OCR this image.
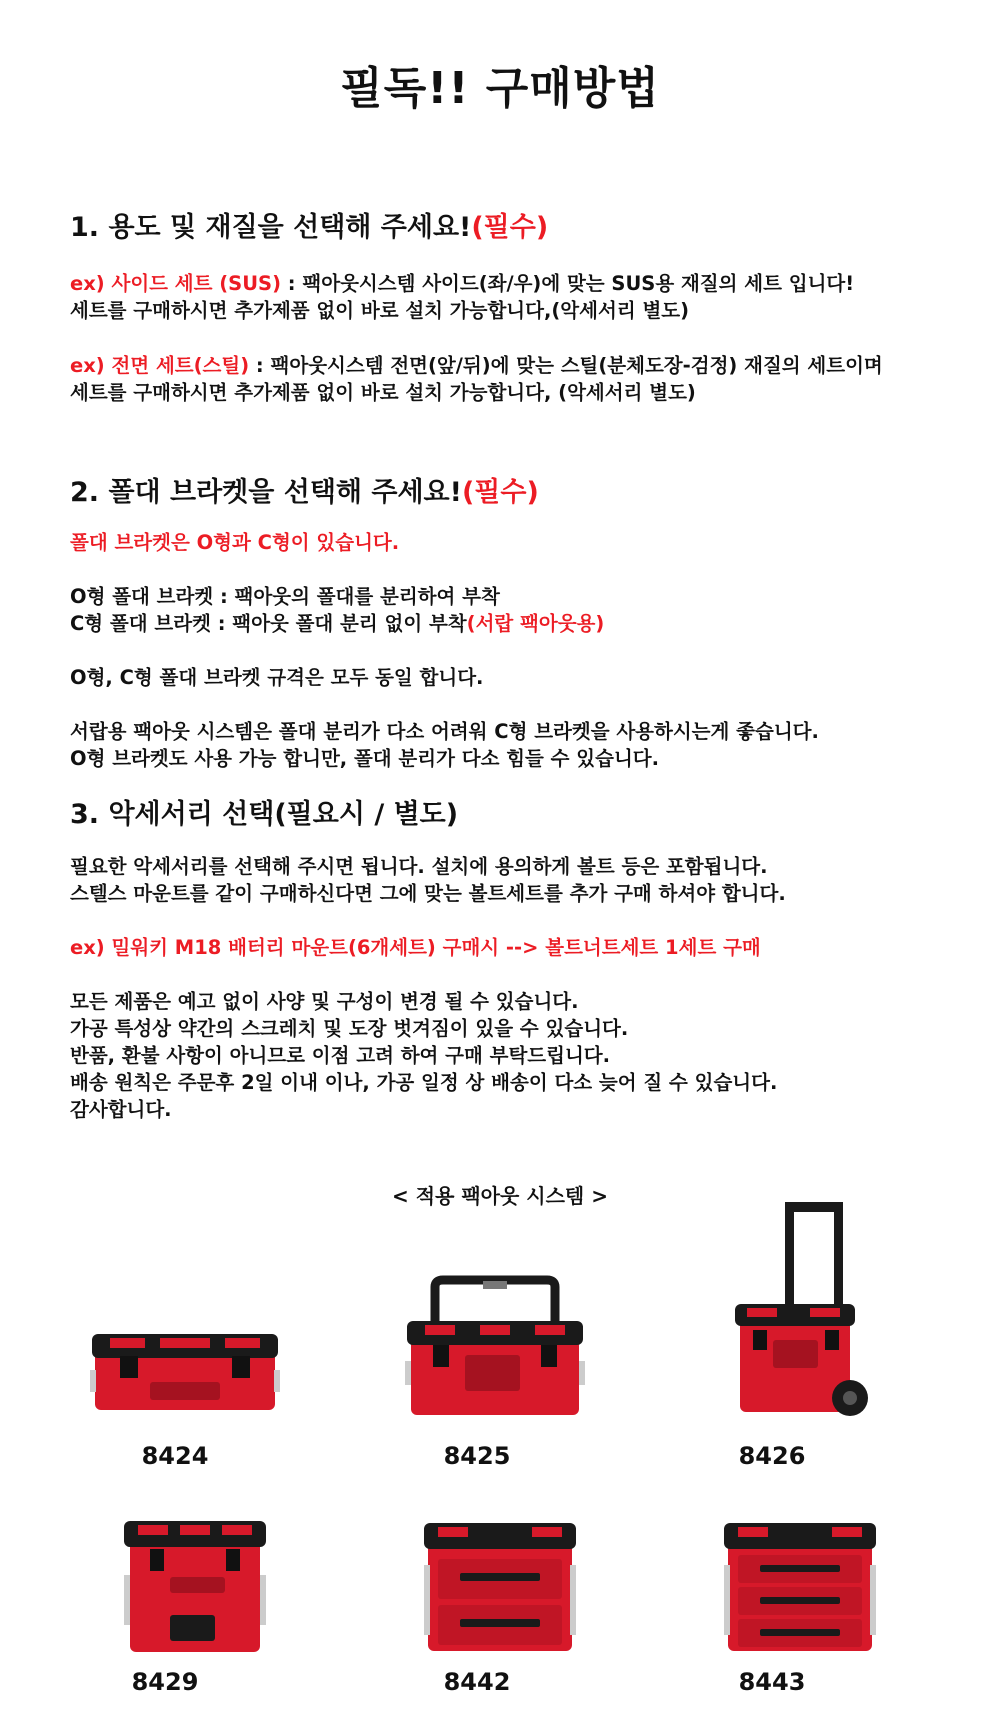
필독!! 구매방법

1. 용도 및 재질을 선택해 주세요!(필수)

ex) 사이드 세트 (SUS) : 팩아웃시스템 사이드(좌/우)에 맞는 SUS용 재질의 세트 입니다!

세트를 구매하시면 추가제품 없이 바로 설치 가능합니다,(악세서리 별도)

ex) 전면 세트(스틸) : 팩아웃시스템 전면(앞/뒤)에 맞는 스틸(분체도장-검정) 재질의 세트이며

세트를 구매하시면 추가제품 없이 바로 설치 가능합니다, (악세서리 별도)

2. 폴대 브라켓을 선택해 주세요!(필수)

폴대 브라켓은 O형과 C형이 있습니다.

O형 폴대 브라켓 : 팩아웃의 폴대를 분리하여 부착

C형 폴대 브라켓 : 팩아웃 폴대 분리 없이 부착(서랍 팩아웃용)

O형, C형 폴대 브라켓 규격은 모두 동일 합니다.

서랍용 팩아웃 시스템은 폴대 분리가 다소 어려워 C형 브라켓을 사용하시는게 좋습니다.

O형 브라켓도 사용 가능 합니만, 폴대 분리가 다소 힘들 수 있습니다.

3. 악세서리 선택(필요시 / 별도)

필요한 악세서리를 선택해 주시면 됩니다. 설치에 용의하게 볼트 등은 포함됩니다.

스텔스 마운트를 같이 구매하신다면 그에 맞는 볼트세트를 추가 구매 하셔야 합니다.

ex) 밀워키 M18 배터리 마운트(6개세트) 구매시 --> 볼트너트세트 1세트 구매

모든 제품은 예고 없이 사양 및 구성이 변경 될 수 있습니다.

가공 특성상 약간의 스크레치 및 도장 벗겨짐이 있을 수 있습니다.

반품, 환불 사항이 아니므로 이점 고려 하여 구매 부탁드립니다.

배송 원칙은 주문후 2일 이내 이나, 가공 일정 상 배송이 다소 늦어 질 수 있습니다.

감사합니다.

< 적용 팩아웃 시스템 >
8424	8425	8426
8429	8442	8443
